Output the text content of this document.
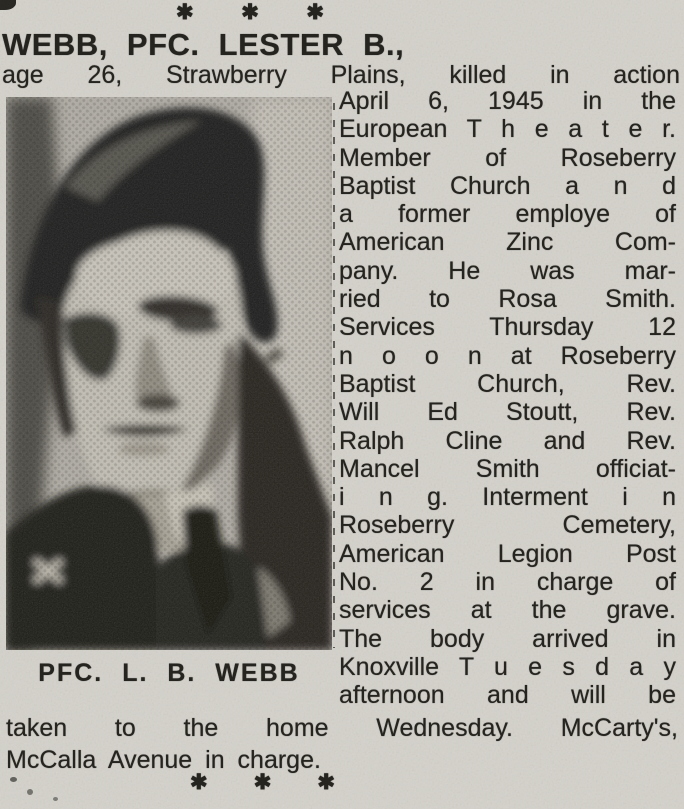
✱ ✱ ✱
WEBB, PFC. LESTER B.,
age 26, Strawberry Plains, killed in action
PFC. L. B. WEBB
April 6, 1945 in the
European T h e a t e r.
Member of Roseberry
Baptist Church a n d
a former employe of
American Zinc Com-
pany. He was mar-
ried to Rosa Smith.
Services Thursday 12
n o o n at Roseberry
Baptist Church, Rev.
Will Ed Stoutt, Rev.
Ralph Cline and Rev.
Mancel Smith officiat-
i n g. Interment i n
Roseberry Cemetery,
American Legion Post
No. 2 in charge of
services at the grave.
The body arrived in
Knoxville T u e s d a y
afternoon and will be
taken to the home Wednesday. McCarty's,
McCalla Avenue in charge.
✱ ✱ ✱
